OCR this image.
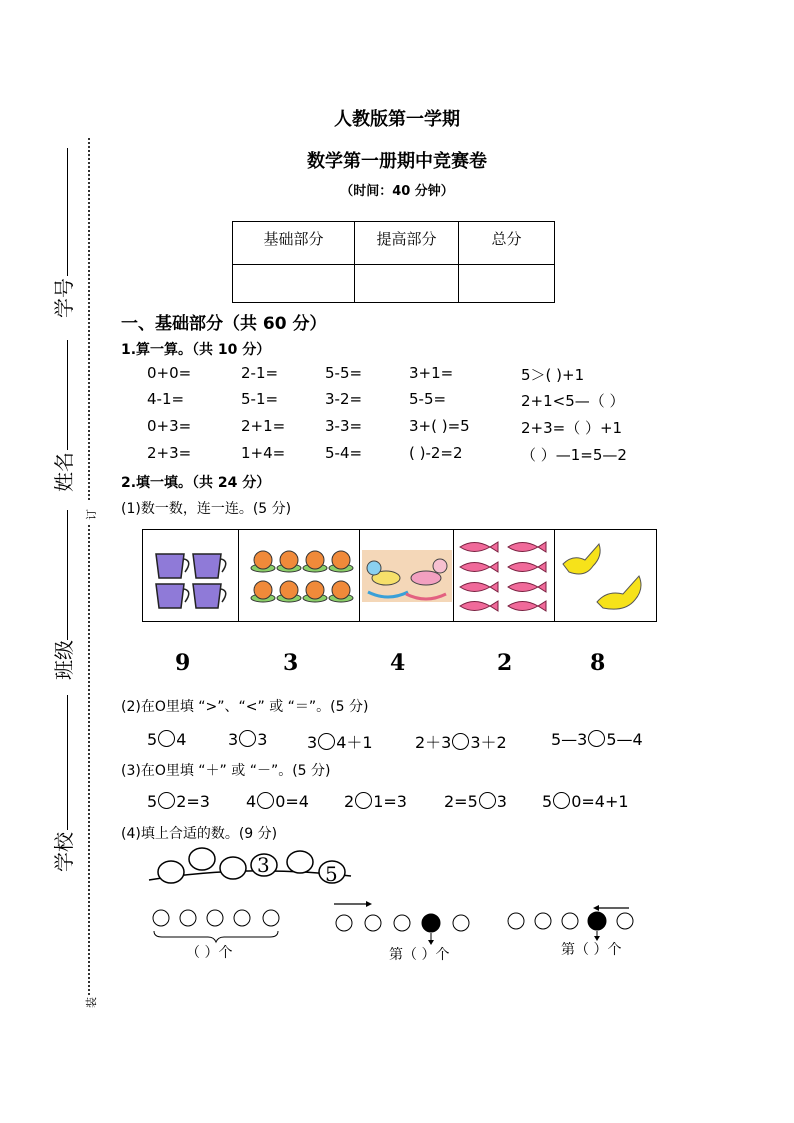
学校
班级
姓名
学号
订
装
人教版第一学期
数学第一册期中竞赛卷
（时间：40 分钟）
基础部分	提高部分	总分

一、基础部分（共 60 分）
1.算一算。（共 10 分）
0+0=	2-1=	5-5=	3+1=	5＞( )+1
4-1=	5-1=	3-2=	5-5=	2+1<5—（ ）
0+3=	2+1=	3-3=	3+( )=5	2+3=（ ）+1
2+3=	1+4=	5-4=	( )-2=2	（ ）—1=5—2
2.填一填。（共 24 分）
(1)数一数，连一连。(5 分)
9	3	4	2	8
(2)在O里填 “>”、“<” 或 “＝”。(5 分)
5 4	3 3 3 4＋1	2＋3 3＋2	5—3 5—4
(3)在O里填 “＋” 或 “－”。(5 分)
5 2=3 4 0=4 2 1=3 2=5 3 5 0=4+1
(4)填上合适的数。(9 分)
3	5
（ ）个	第（ ）个	第（ ）个
